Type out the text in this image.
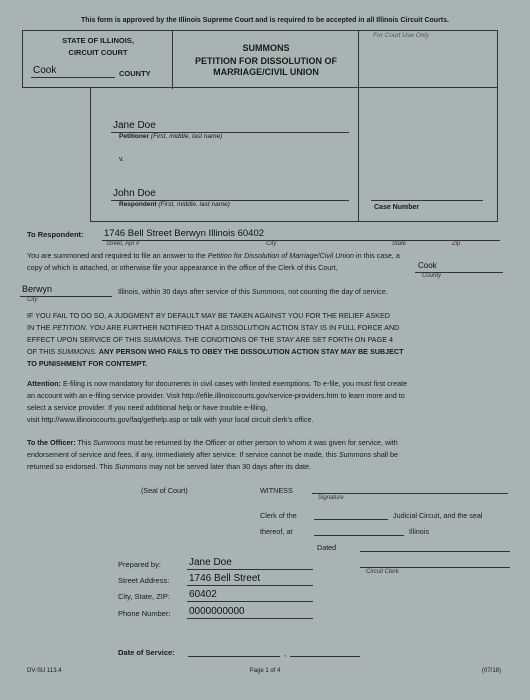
This form is approved by the Illinois Supreme Court and is required to be accepted in all Illinois Circuit Courts.
STATE OF ILLINOIS,
CIRCUIT COURT
Cook	COUNTY
SUMMONS
PETITION FOR DISSOLUTION OF
MARRIAGE/CIVIL UNION
For Court Use Only
Case Number
Jane Doe
Petitioner (First, middle, last name)
v.
John Doe
Respondent (First, middle, last name)
To Respondent: 1746 Bell Street Berwyn Illinois 60402
Street, Apt #	City	State	Zip
You are summoned and required to file an answer to the Petition for Dissolution of Marriage/Civil Union in this case, a
copy of which is attached, or otherwise file your appearance in the office of the Clerk of this Court,	Cook
County
Berwyn
City
Illinois, within 30 days after service of this Summons, not counting the day of service.
IF YOU FAIL TO DO SO, A JUDGMENT BY DEFAULT MAY BE TAKEN AGAINST YOU FOR THE RELIEF ASKED
IN THE PETITION. YOU ARE FURTHER NOTIFIED THAT A DISSOLUTION ACTION STAY IS IN FULL FORCE AND
EFFECT UPON SERVICE OF THIS SUMMONS. THE CONDITIONS OF THE STAY ARE SET FORTH ON PAGE 4
OF THIS SUMMONS. ANY PERSON WHO FAILS TO OBEY THE DISSOLUTION ACTION STAY MAY BE SUBJECT
TO PUNISHMENT FOR CONTEMPT.
Attention: E-filing is now mandatory for documents in civil cases with limited exemptions. To e-file, you must first create
an account with an e-filing service provider. Visit http://efile.illinoiscourts.gov/service-providers.htm to learn more and to
select a service provider. If you need additional help or have trouble e-filing,
visit http://www.illinoiscourts.gov/faq/gethelp.asp or talk with your local circuit clerk's office.
To the Officer: This Summons must be returned by the Officer or other person to whom it was given for service, with
endorsement of service and fees, if any, immediately after service. If service cannot be made, this Summons shall be
returned so endorsed. This Summons may not be served later than 30 days after its date.
(Seal of Court)	WITNESS
Signature
Clerk of the	Judicial Circuit, and the seal
thereof, at	Illinois
Dated
Circuit Clerk
Prepared by:	Jane Doe
Street Address: 1746 Bell Street
City, State, ZIP: 60402
Phone Number: 0000000000
Date of Service:	,
DV-SU 113.4	Page 1 of 4	(07/18)
